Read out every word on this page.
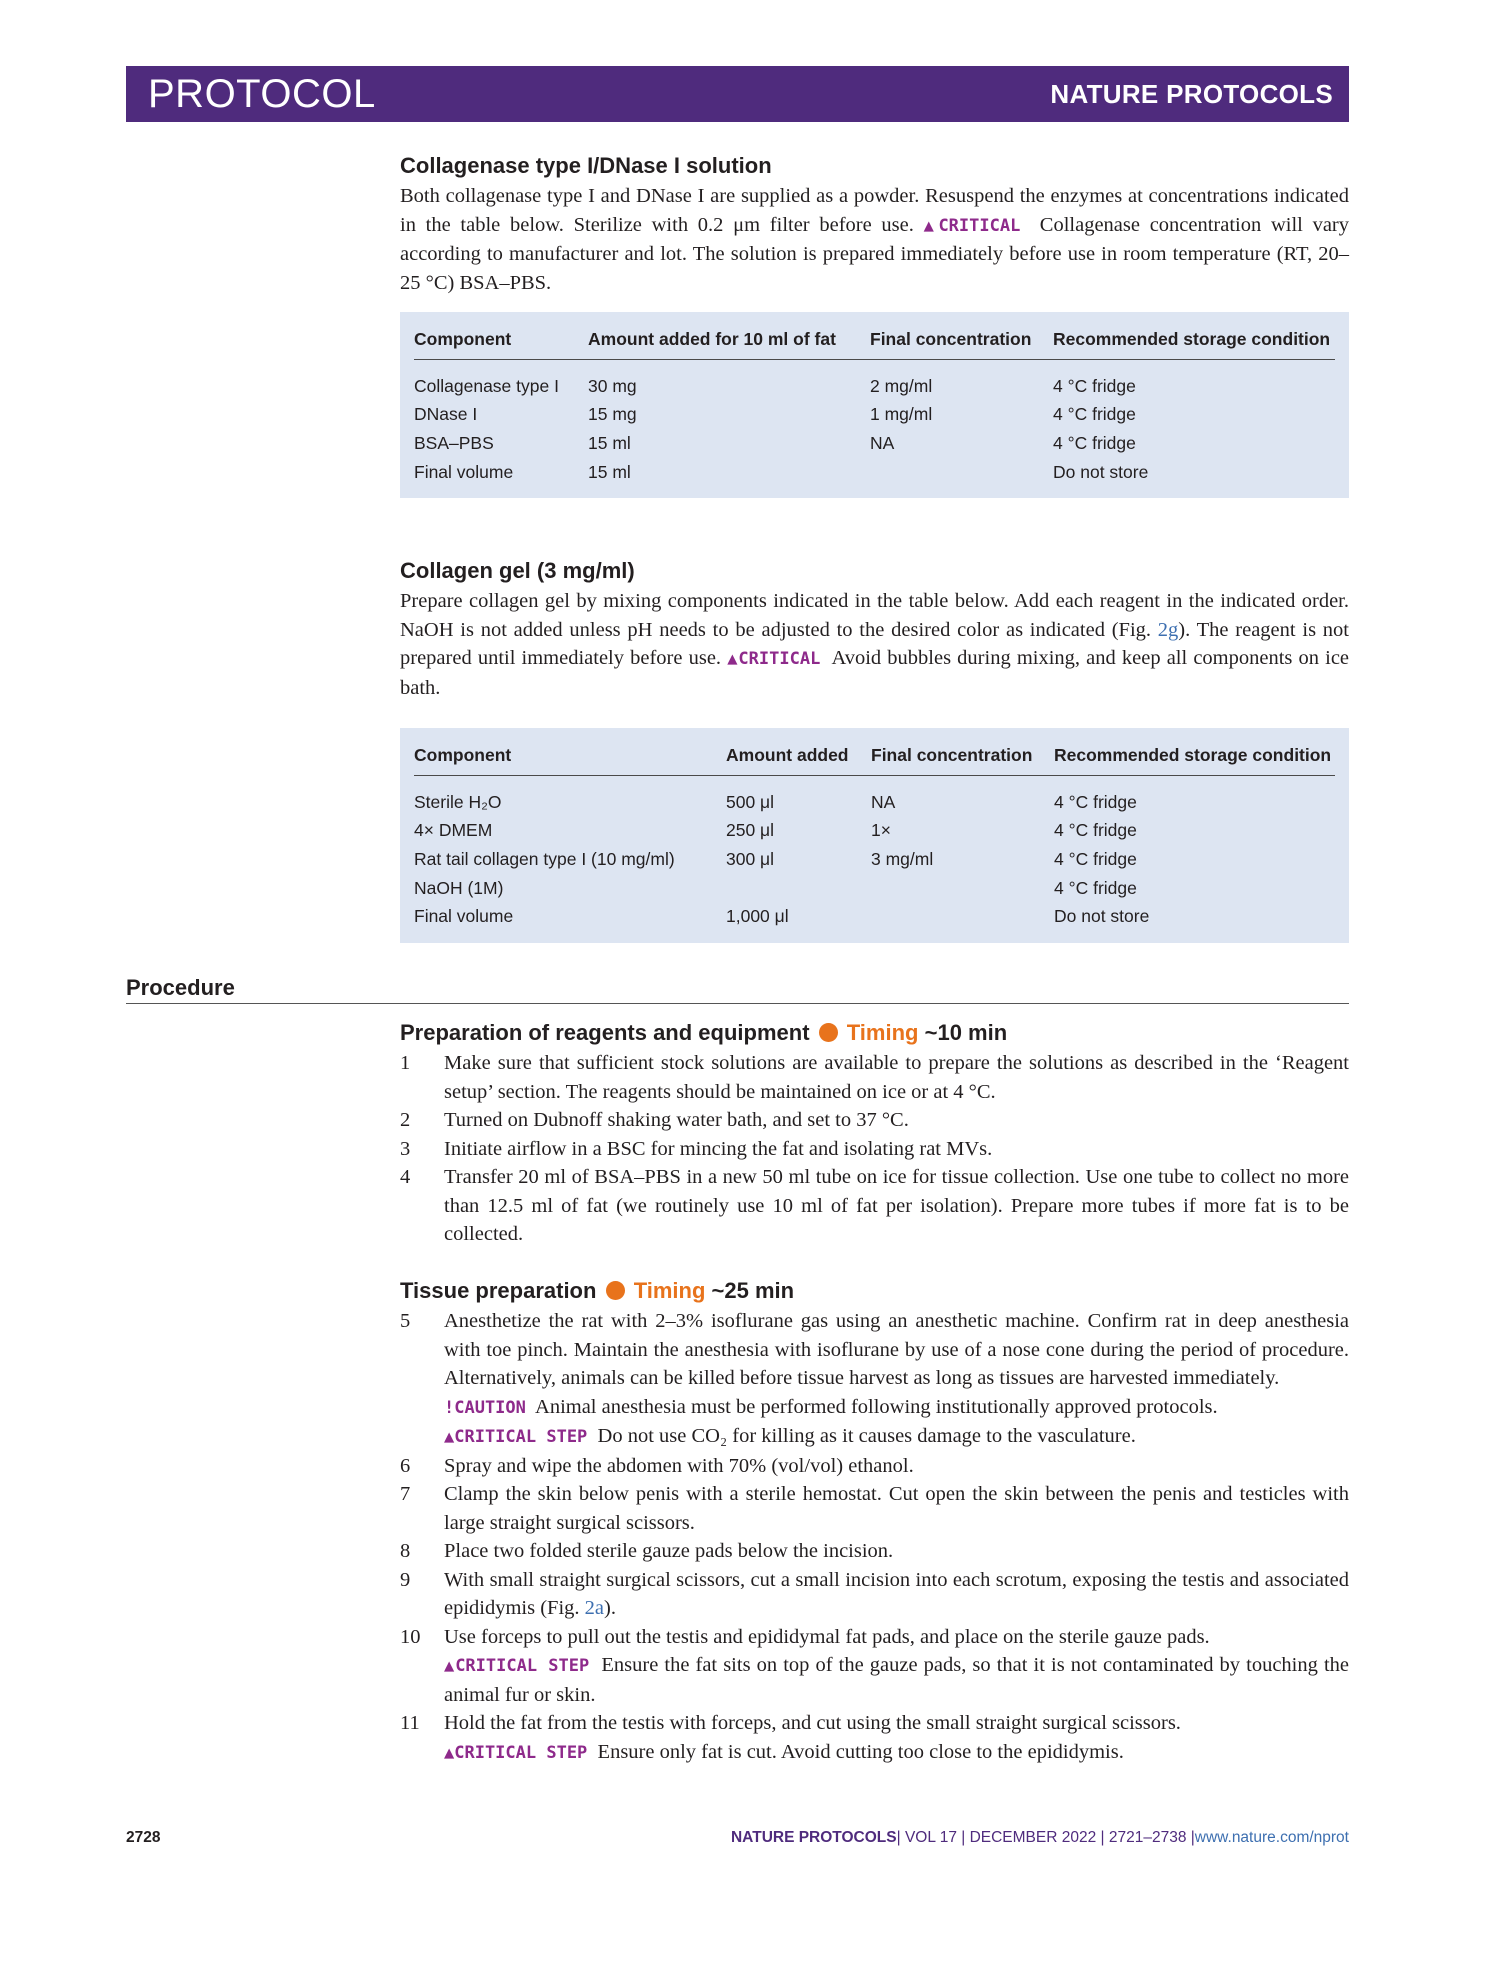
PROTOCOL	NATURE PROTOCOLS
Collagenase type I/DNase I solution

Both collagenase type I and DNase I are supplied as a powder. Resuspend the enzymes at concentrations indicated in the table below. Sterilize with 0.2 μm filter before use. ▲CRITICAL Collagenase concentration will vary according to manufacturer and lot. The solution is prepared immediately before use in room temperature (RT, 20–25 °C) BSA–PBS.

Component	Amount added for 10 ml of fat	Final concentration	Recommended storage condition
Collagenase type I	30 mg	2 mg/ml	4 °C fridge
DNase I	15 mg	1 mg/ml	4 °C fridge
BSA–PBS	15 ml	NA	4 °C fridge
Final volume	15 ml		Do not store
Collagen gel (3 mg/ml)

Prepare collagen gel by mixing components indicated in the table below. Add each reagent in the indicated order. NaOH is not added unless pH needs to be adjusted to the desired color as indicated (Fig. 2g). The reagent is not prepared until immediately before use. ▲CRITICAL Avoid bubbles during mixing, and keep all components on ice bath.

Component	Amount added	Final concentration	Recommended storage condition
Sterile H₂O	500 μl	NA	4 °C fridge
4× DMEM	250 μl	1×	4 °C fridge
Rat tail collagen type I (10 mg/ml)	300 μl	3 mg/ml	4 °C fridge
NaOH (1M)			4 °C fridge
Final volume	1,000 μl		Do not store
Procedure
Preparation of reagents and equipment Timing ~10 min
1	Make sure that sufficient stock solutions are available to prepare the solutions as described in the ‘Reagent setup’ section. The reagents should be maintained on ice or at 4 °C.
2	Turned on Dubnoff shaking water bath, and set to 37 °C.
3	Initiate airflow in a BSC for mincing the fat and isolating rat MVs.
4	Transfer 20 ml of BSA–PBS in a new 50 ml tube on ice for tissue collection. Use one tube to collect no more than 12.5 ml of fat (we routinely use 10 ml of fat per isolation). Prepare more tubes if more fat is to be collected.
Tissue preparation Timing ~25 min
5	Anesthetize the rat with 2–3% isoflurane gas using an anesthetic machine. Confirm rat in deep anesthesia with toe pinch. Maintain the anesthesia with isoflurane by use of a nose cone during the period of procedure. Alternatively, animals can be killed before tissue harvest as long as tissues are harvested immediately.
!CAUTION Animal anesthesia must be performed following institutionally approved protocols.
▲CRITICAL STEP Do not use CO₂ for killing as it causes damage to the vasculature.
6	Spray and wipe the abdomen with 70% (vol/vol) ethanol.
7	Clamp the skin below penis with a sterile hemostat. Cut open the skin between the penis and testicles with large straight surgical scissors.
8	Place two folded sterile gauze pads below the incision.
9	With small straight surgical scissors, cut a small incision into each scrotum, exposing the testis and associated epididymis (Fig. 2a).
10	Use forceps to pull out the testis and epididymal fat pads, and place on the sterile gauze pads.
▲CRITICAL STEP Ensure the fat sits on top of the gauze pads, so that it is not contaminated by touching the animal fur or skin.
11	Hold the fat from the testis with forceps, and cut using the small straight surgical scissors.
▲CRITICAL STEP Ensure only fat is cut. Avoid cutting too close to the epididymis.
2728	NATURE PROTOCOLS| VOL 17 | DECEMBER 2022 | 2721–2738 |www.nature.com/nprot
